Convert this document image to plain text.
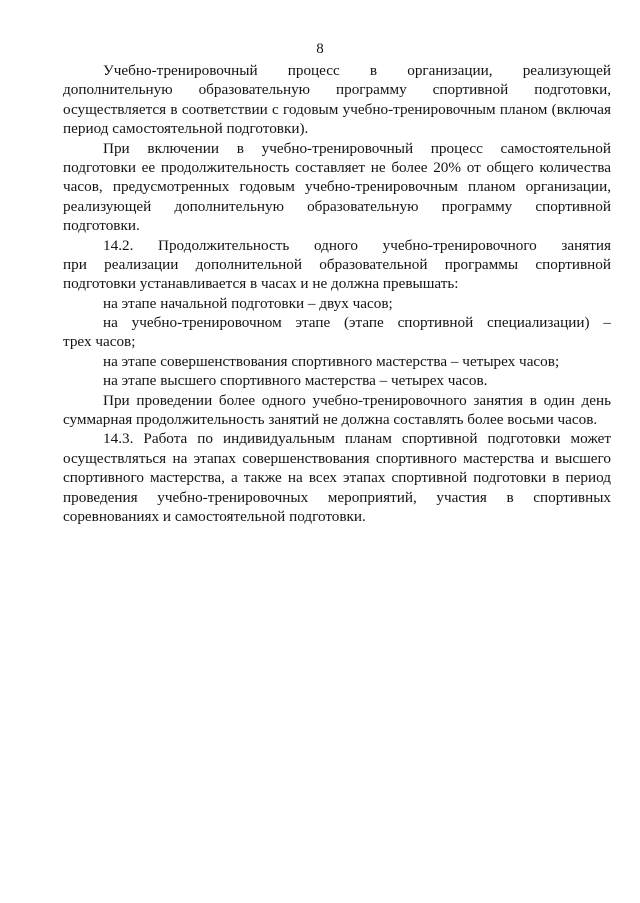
8
Учебно-тренировочный процесс в организации, реализующей
дополнительную образовательную программу спортивной подготовки,
осуществляется в соответствии с годовым учебно-тренировочным планом (включая
период самостоятельной подготовки).
При включении в учебно-тренировочный процесс самостоятельной
подготовки ее продолжительность составляет не более 20% от общего количества
часов, предусмотренных годовым учебно-тренировочным планом организации,
реализующей дополнительную образовательную программу спортивной
подготовки.
14.2. Продолжительность одного учебно-тренировочного занятия
при реализации дополнительной образовательной программы спортивной
подготовки устанавливается в часах и не должна превышать:
на этапе начальной подготовки – двух часов;
на учебно-тренировочном этапе (этапе спортивной специализации) –
трех часов;
на этапе совершенствования спортивного мастерства – четырех часов;
на этапе высшего спортивного мастерства – четырех часов.
При проведении более одного учебно-тренировочного занятия в один день
суммарная продолжительность занятий не должна составлять более восьми часов.
14.3. Работа по индивидуальным планам спортивной подготовки может
осуществляться на этапах совершенствования спортивного мастерства и высшего
спортивного мастерства, а также на всех этапах спортивной подготовки в период
проведения учебно-тренировочных мероприятий, участия в спортивных
соревнованиях и самостоятельной подготовки.
